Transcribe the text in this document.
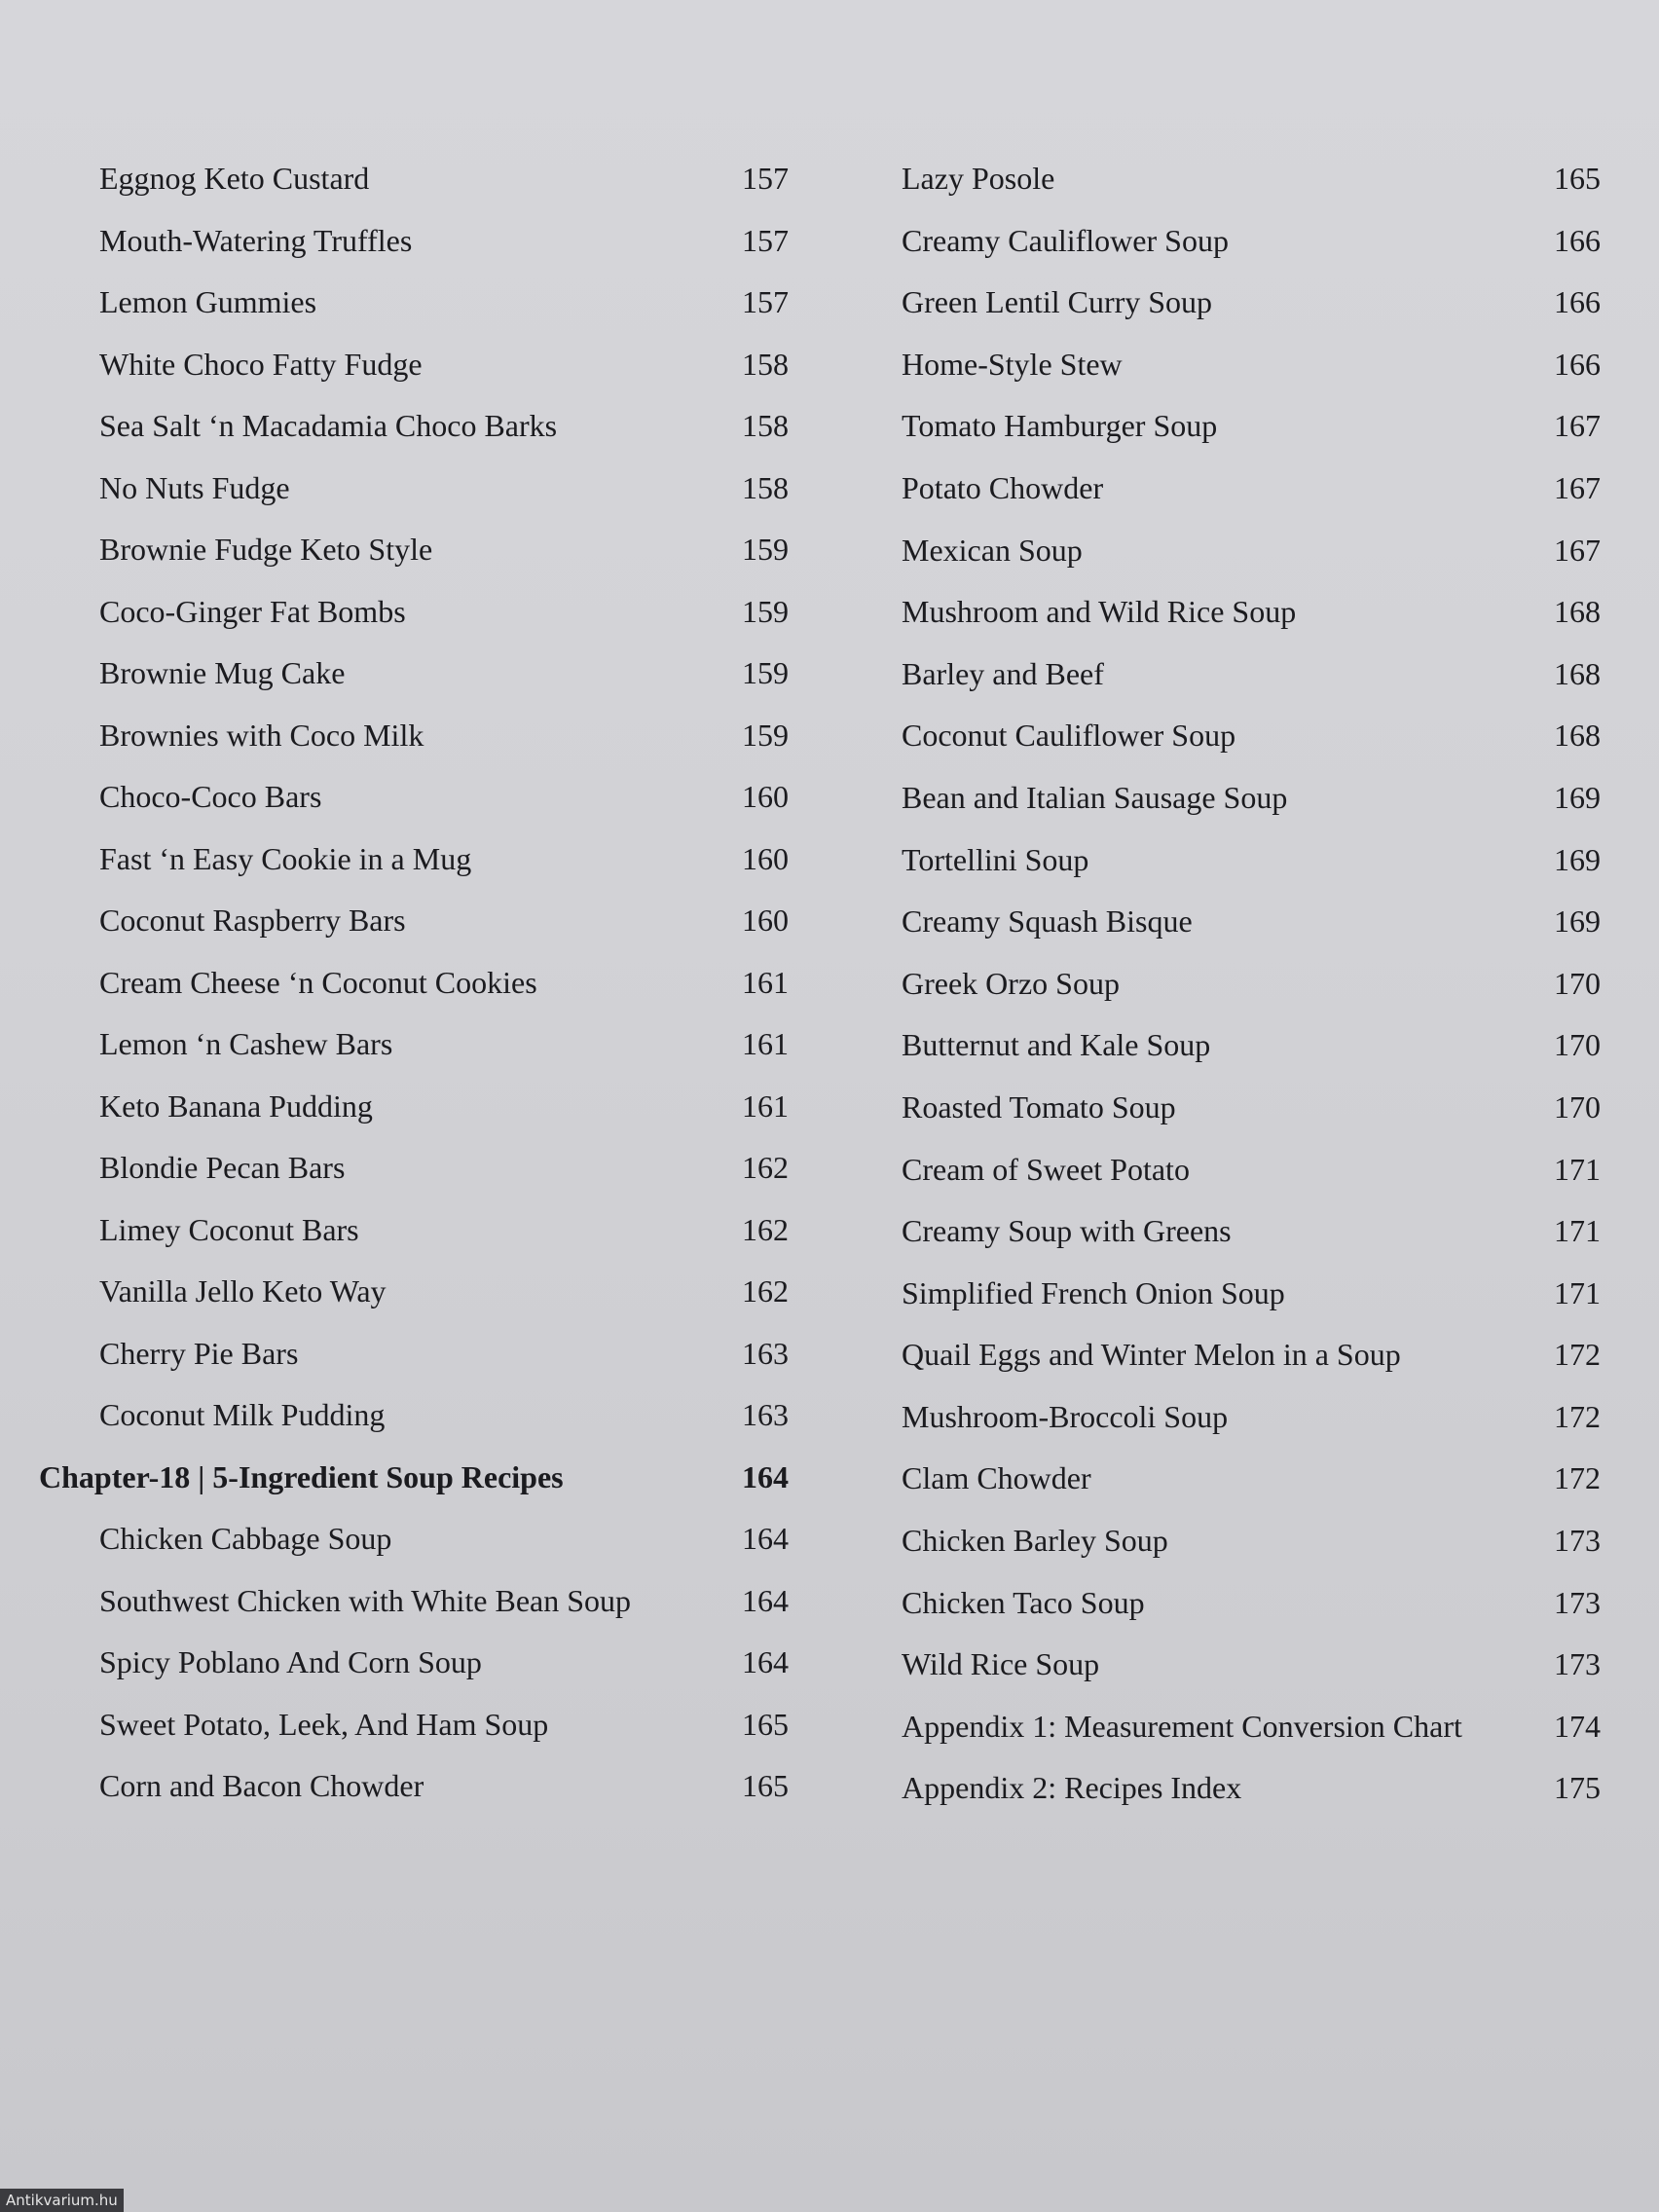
Eggnog Keto Custard .....	157
Mouth-Watering Truffles .....	157
Lemon Gummies .....	157
White Choco Fatty Fudge .....	158
Sea Salt ‘n Macadamia Choco Barks .....	158
No Nuts Fudge .....	158
Brownie Fudge Keto Style .....	159
Coco-Ginger Fat Bombs .....	159
Brownie Mug Cake .....	159
Brownies with Coco Milk .....	159
Choco-Coco Bars .....	160
Fast ‘n Easy Cookie in a Mug .....	160
Coconut Raspberry Bars .....	160
Cream Cheese ‘n Coconut Cookies .....	161
Lemon ‘n Cashew Bars .....	161
Keto Banana Pudding .....	161
Blondie Pecan Bars .....	162
Limey Coconut Bars .....	162
Vanilla Jello Keto Way .....	162
Cherry Pie Bars .....	163
Coconut Milk Pudding .....	163
Chapter-18 | 5-Ingredient Soup Recipes .....	164
Chicken Cabbage Soup .....	164
Southwest Chicken with White Bean Soup .....	164
Spicy Poblano And Corn Soup .....	164
Sweet Potato, Leek, And Ham Soup .....	165
Corn and Bacon Chowder .....	165
Lazy Posole .....	165
Creamy Cauliflower Soup .....	166
Green Lentil Curry Soup .....	166
Home-Style Stew .....	166
Tomato Hamburger Soup .....	167
Potato Chowder .....	167
Mexican Soup .....	167
Mushroom and Wild Rice Soup .....	168
Barley and Beef .....	168
Coconut Cauliflower Soup .....	168
Bean and Italian Sausage Soup .....	169
Tortellini Soup .....	169
Creamy Squash Bisque .....	169
Greek Orzo Soup .....	170
Butternut and Kale Soup .....	170
Roasted Tomato Soup .....	170
Cream of Sweet Potato .....	171
Creamy Soup with Greens .....	171
Simplified French Onion Soup .....	171
Quail Eggs and Winter Melon in a Soup .....	172
Mushroom-Broccoli Soup .....	172
Clam Chowder .....	172
Chicken Barley Soup .....	173
Chicken Taco Soup .....	173
Wild Rice Soup .....	173
Appendix 1: Measurement Conversion Chart .....	174
Appendix 2: Recipes Index .....	175
Antikvarium.hu
